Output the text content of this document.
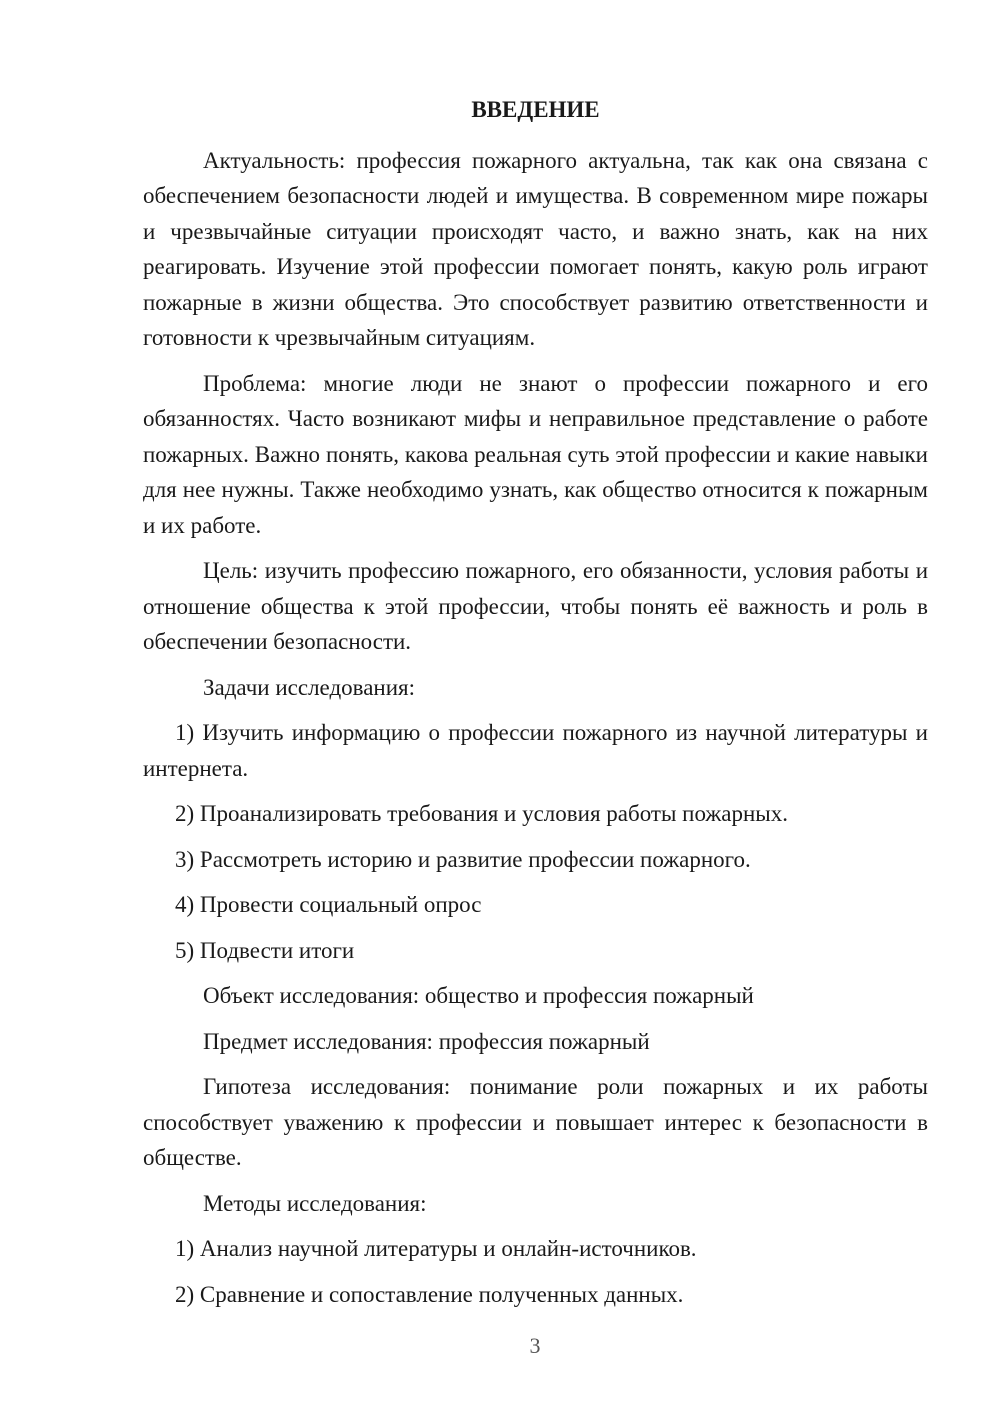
ВВЕДЕНИЕ

Актуальность: профессия пожарного актуальна, так как она связана с обеспечением безопасности людей и имущества. В современном мире пожары и чрезвычайные ситуации происходят часто, и важно знать, как на них реагировать. Изучение этой профессии помогает понять, какую роль играют пожарные в жизни общества. Это способствует развитию ответственности и готовности к чрезвычайным ситуациям.

Проблема: многие люди не знают о профессии пожарного и его обязанностях. Часто возникают мифы и неправильное представление о работе пожарных. Важно понять, какова реальная суть этой профессии и какие навыки для нее нужны. Также необходимо узнать, как общество относится к пожарным и их работе.

Цель: изучить профессию пожарного, его обязанности, условия работы и отношение общества к этой профессии, чтобы понять её важность и роль в обеспечении безопасности.

Задачи исследования:

1) Изучить информацию о профессии пожарного из научной литературы и интернета.

2) Проанализировать требования и условия работы пожарных.

3) Рассмотреть историю и развитие профессии пожарного.

4) Провести социальный опрос

5) Подвести итоги

Объект исследования: общество и профессия пожарный

Предмет исследования: профессия пожарный

Гипотеза исследования: понимание роли пожарных и их работы способствует уважению к профессии и повышает интерес к безопасности в обществе.

Методы исследования:

1) Анализ научной литературы и онлайн-источников.

2) Сравнение и сопоставление полученных данных.

3
